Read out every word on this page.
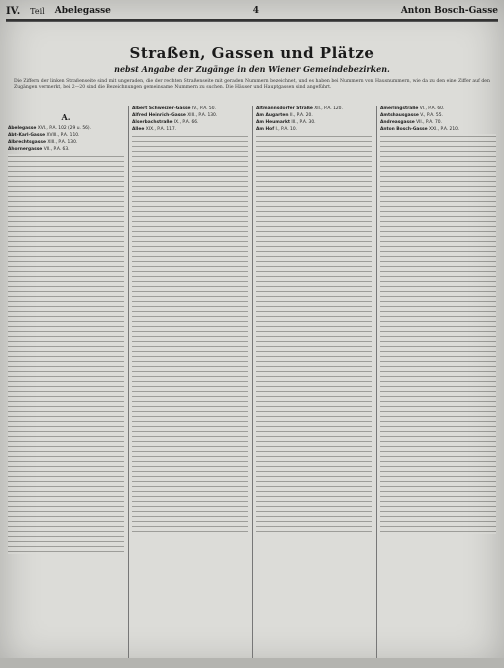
IV. Teil Abelegasse	4	Anton Bosch-Gasse
Straßen, Gassen und Plätze
nebst Angabe der Zugänge in den Wiener Gemeindebezirken.
Die Ziffern der linken Straßenseite sind mit ungeraden, die der rechten Straßenseite mit geraden Nummern bezeichnet, und es haben bei Nummern von Hausnummern, wie da zu den eine Ziffer auf den Zugängen vermerkt, bei 2—20 sind die Bezeichnungen gemeinsame Nummern zu suchen. Die Häuser und Hauptgassen sind angeführt.
A.
Abelegasse XVI., P.A. 102 (29 u. 56).
Abt-Karl-Gasse XVIII., P.A. 110.
Albrechtsgasse XIII., P.A. 130.
Ahornergasse VII., P.A. 63.
Albert Schweizer-Gasse IV., P.A. 50.
Alfred Heinrich-Gasse XIII., P.A. 130.
Alserbachstraße IX., P.A. 66.
Allee XIX., P.A. 117.
Altmannsdorfer Straße XII., P.A. 120.
Am Augarten II., P.A. 20.
Am Heumarkt III., P.A. 30.
Am Hof I., P.A. 10.
Amerlingstraße VI., P.A. 60.
Amtshausgasse V., P.A. 55.
Andreasgasse VII., P.A. 70.
Anton Bosch-Gasse XXI., P.A. 210.
